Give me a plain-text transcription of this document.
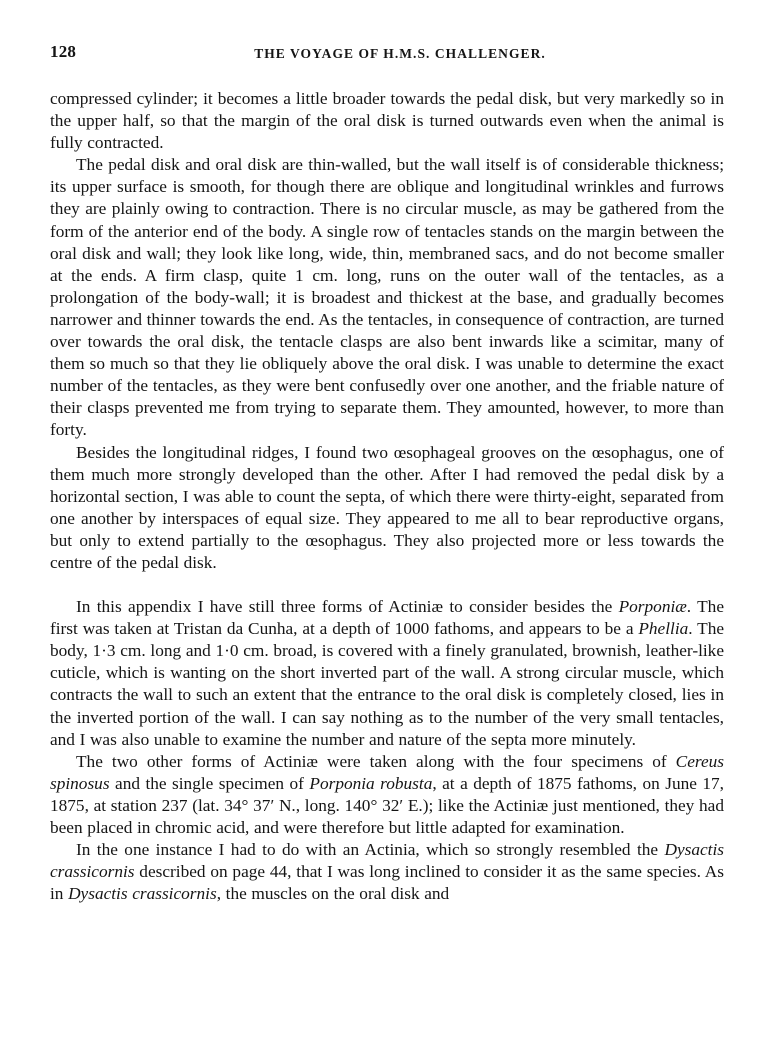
128	THE VOYAGE OF H.M.S. CHALLENGER.

compressed cylinder; it becomes a little broader towards the pedal disk, but very markedly so in the upper half, so that the margin of the oral disk is turned outwards even when the animal is fully contracted.

The pedal disk and oral disk are thin-walled, but the wall itself is of considerable thickness; its upper surface is smooth, for though there are oblique and longitudinal wrinkles and furrows they are plainly owing to contraction. There is no circular muscle, as may be gathered from the form of the anterior end of the body. A single row of tentacles stands on the margin between the oral disk and wall; they look like long, wide, thin, membraned sacs, and do not become smaller at the ends. A firm clasp, quite 1 cm. long, runs on the outer wall of the tentacles, as a prolongation of the body-wall; it is broadest and thickest at the base, and gradually becomes narrower and thinner towards the end. As the tentacles, in consequence of contraction, are turned over towards the oral disk, the tentacle clasps are also bent inwards like a scimitar, many of them so much so that they lie obliquely above the oral disk. I was unable to determine the exact number of the tentacles, as they were bent confusedly over one another, and the friable nature of their clasps prevented me from trying to separate them. They amounted, however, to more than forty.

Besides the longitudinal ridges, I found two œsophageal grooves on the œsophagus, one of them much more strongly developed than the other. After I had removed the pedal disk by a horizontal section, I was able to count the septa, of which there were thirty-eight, separated from one another by interspaces of equal size. They appeared to me all to bear reproductive organs, but only to extend partially to the œsophagus. They also projected more or less towards the centre of the pedal disk.

In this appendix I have still three forms of Actiniæ to consider besides the Porponiæ. The first was taken at Tristan da Cunha, at a depth of 1000 fathoms, and appears to be a Phellia. The body, 1·3 cm. long and 1·0 cm. broad, is covered with a finely granulated, brownish, leather-like cuticle, which is wanting on the short inverted part of the wall. A strong circular muscle, which contracts the wall to such an extent that the entrance to the oral disk is completely closed, lies in the inverted portion of the wall. I can say nothing as to the number of the very small tentacles, and I was also unable to examine the number and nature of the septa more minutely.

The two other forms of Actiniæ were taken along with the four specimens of Cereus spinosus and the single specimen of Porponia robusta, at a depth of 1875 fathoms, on June 17, 1875, at station 237 (lat. 34° 37′ N., long. 140° 32′ E.); like the Actiniæ just mentioned, they had been placed in chromic acid, and were therefore but little adapted for examination.

In the one instance I had to do with an Actinia, which so strongly resembled the Dysactis crassicornis described on page 44, that I was long inclined to consider it as the same species. As in Dysactis crassicornis, the muscles on the oral disk and
